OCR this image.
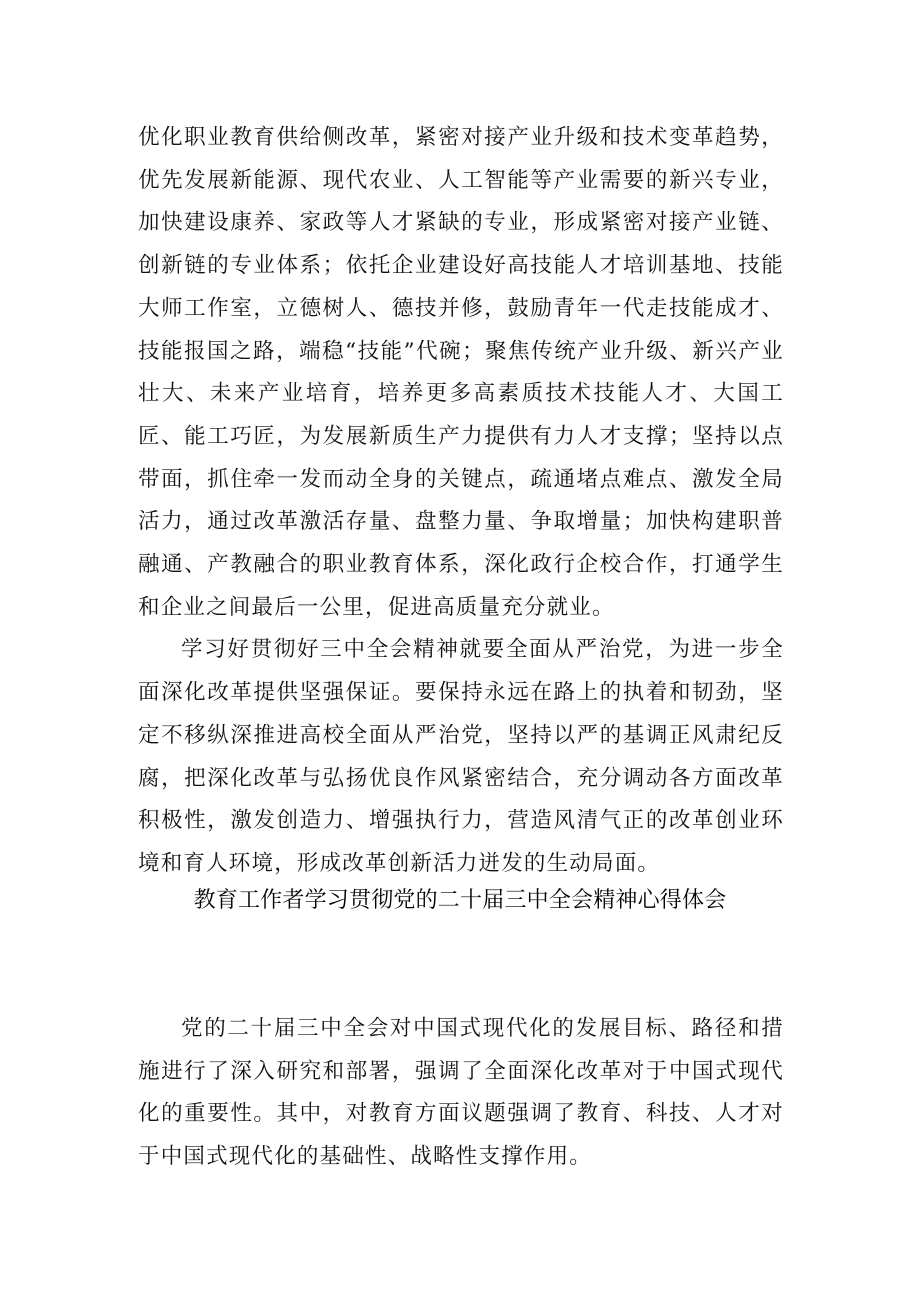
优化职业教育供给侧改革，紧密对接产业升级和技术变革趋势，优先发展新能源、现代农业、人工智能等产业需要的新兴专业，加快建设康养、家政等人才紧缺的专业，形成紧密对接产业链、创新链的专业体系；依托企业建设好高技能人才培训基地、技能大师工作室，立德树人、德技并修，鼓励青年一代走技能成才、技能报国之路，端稳“技能”代碗；聚焦传统产业升级、新兴产业壮大、未来产业培育，培养更多高素质技术技能人才、大国工匠、能工巧匠，为发展新质生产力提供有力人才支撑；坚持以点带面，抓住牵一发而动全身的关键点，疏通堵点难点、激发全局活力，通过改革激活存量、盘整力量、争取增量；加快构建职普融通、产教融合的职业教育体系，深化政行企校合作，打通学生和企业之间最后一公里，促进高质量充分就业。

学习好贯彻好三中全会精神就要全面从严治党，为进一步全面深化改革提供坚强保证。要保持永远在路上的执着和韧劲，坚定不移纵深推进高校全面从严治党，坚持以严的基调正风肃纪反腐，把深化改革与弘扬优良作风紧密结合，充分调动各方面改革积极性，激发创造力、增强执行力，营造风清气正的改革创业环境和育人环境，形成改革创新活力迸发的生动局面。

教育工作者学习贯彻党的二十届三中全会精神心得体会

党的二十届三中全会对中国式现代化的发展目标、路径和措施进行了深入研究和部署，强调了全面深化改革对于中国式现代化的重要性。其中，对教育方面议题强调了教育、科技、人才对于中国式现代化的基础性、战略性支撑作用。
